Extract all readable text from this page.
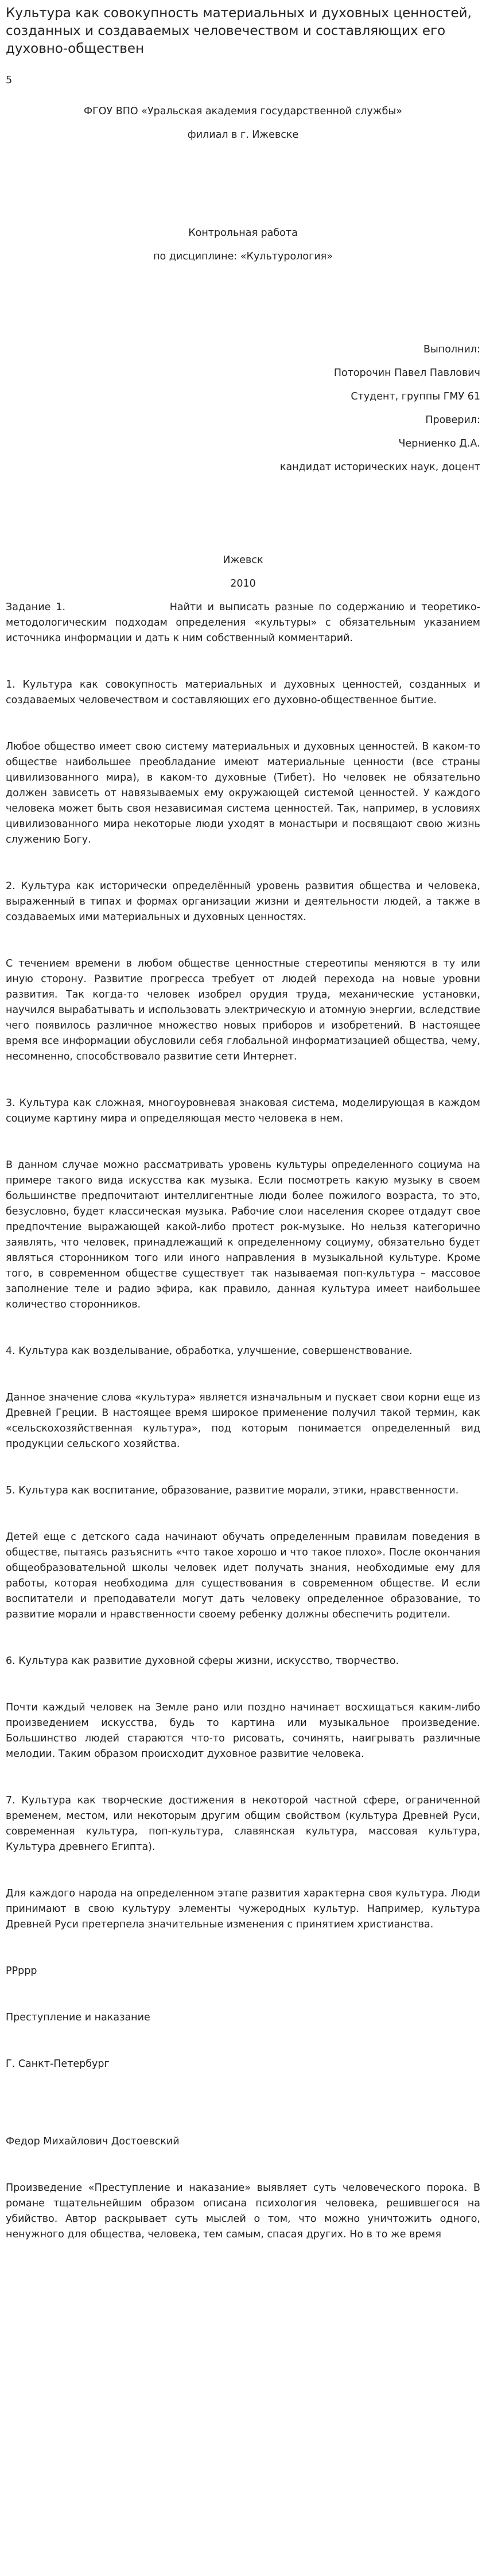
Культура как совокупность материальных и духовных ценностей, созданных и создаваемых человечеством и составляющих его духовно-обществен
5
ФГОУ ВПО «Уральская академия государственной службы»
филиал в г. Ижевске
Контрольная работа
по дисциплине: «Культурология»
Выполнил:
Поторочин Павел Павлович
Студент, группы ГМУ 61
Проверил:
Черниенко Д.А.
кандидат исторических наук, доцент
Ижевск
2010

Задание 1.                    Найти и выписать разные по содержанию и теоретико-методологическим подходам определения «культуры» с обязательным указанием источника информации и дать к ним собственный комментарий.

1. Культура как совокупность материальных и духовных ценностей, созданных и создаваемых человечеством и составляющих его духовно-общественное бытие.

Любое общество имеет свою систему материальных и духовных ценностей. В каком-то обществе наибольшее преобладание имеют материальные ценности (все страны цивилизованного мира), в каком-то духовные (Тибет). Но человек не обязательно должен зависеть от навязываемых ему окружающей системой ценностей. У каждого человека может быть своя независимая система ценностей. Так, например, в условиях цивилизованного мира некоторые люди уходят в монастыри и посвящают свою жизнь служению Богу.

2. Культура как исторически определённый уровень развития общества и человека, выраженный в типах и формах организации жизни и деятельности людей, а также в создаваемых ими материальных и духовных ценностях.

С течением времени в любом обществе ценностные стереотипы меняются в ту или иную сторону. Развитие прогресса требует от людей перехода на новые уровни развития. Так когда-то человек изобрел орудия труда, механические установки, научился вырабатывать и использовать электрическую и атомную энергии, вследствие чего появилось различное множество новых приборов и изобретений. В настоящее время все информации обусловили себя глобальной информатизацией общества, чему, несомненно, способствовало развитие сети Интернет.

3. Культура как сложная, многоуровневая знаковая система, моделирующая в каждом социуме картину мира и определяющая место человека в нем.

В данном случае можно рассматривать уровень культуры определенного социума на примере такого вида искусства как музыка. Если посмотреть какую музыку в своем большинстве предпочитают интеллигентные люди более пожилого возраста, то это, безусловно, будет классическая музыка. Рабочие слои населения скорее отдадут свое предпочтение выражающей какой-либо протест рок-музыке. Но нельзя категорично заявлять, что человек, принадлежащий к определенному социуму, обязательно будет являться сторонником того или иного направления в музыкальной культуре. Кроме того, в современном обществе существует так называемая поп-культура – массовое заполнение теле и радио эфира, как правило, данная культура имеет наибольшее количество сторонников.

4. Культура как возделывание, обработка, улучшение, совершенствование.

Данное значение слова «культура» является изначальным и пускает свои корни еще из Древней Греции. В настоящее время широкое применение получил такой термин, как «сельскохозяйственная культура», под которым понимается определенный вид продукции сельского хозяйства.

5. Культура как воспитание, образование, развитие морали, этики, нравственности.

Детей еще с детского сада начинают обучать определенным правилам поведения в обществе, пытаясь разъяснить «что такое хорошо и что такое плохо». После окончания общеобразовательной школы человек идет получать знания, необходимые ему для работы, которая необходима для существования в современном обществе. И если воспитатели и преподаватели могут дать человеку определенное образование, то развитие морали и нравственности своему ребенку должны обеспечить родители.

6. Культура как развитие духовной сферы жизни, искусство, творчество.

Почти каждый человек на Земле рано или поздно начинает восхищаться каким-либо произведением искусства, будь то картина или музыкальное произведение. Большинство людей стараются что-то рисовать, сочинять, наигрывать различные мелодии. Таким образом происходит духовное развитие человека.

7. Культура как творческие достижения в некоторой частной сфере, ограниченной временем, местом, или некоторым другим общим свойством (культура Древней Руси, современная культура, поп-культура, славянская культура, массовая культура, Культура древнего Египта).

Для каждого народа на определенном этапе развития характерна своя культура. Люди принимают в свою культуру элементы чужеродных культур. Например, культура Древней Руси претерпела значительные изменения с принятием христианства.

РРррр
Преступление и наказание
Г. Санкт-Петербург
Федор Михайлович Достоевский

Произведение «Преступление и наказание» выявляет суть человеческого порока. В романе тщательнейшим образом описана психология человека, решившегося на убийство. Автор раскрывает суть мыслей о том, что можно уничтожить одного, ненужного для общества, человека, тем самым, спасая других. Но в то же время
